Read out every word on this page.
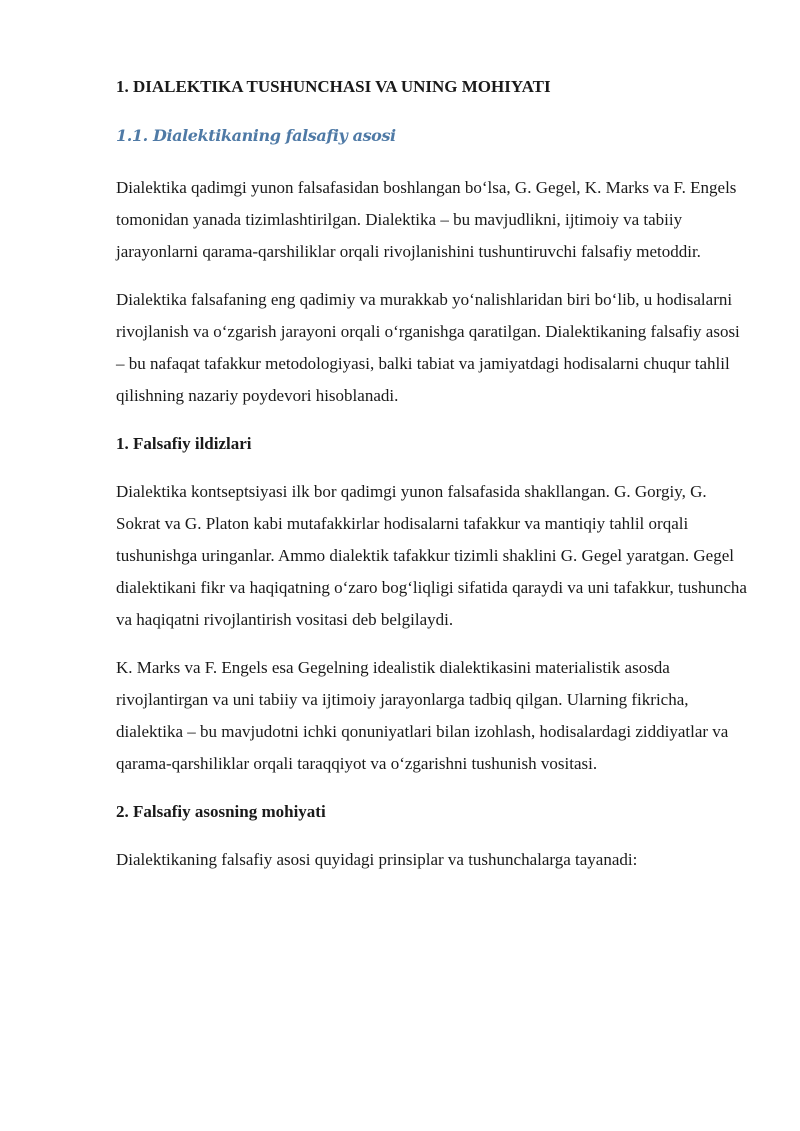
1. DIALEKTIKA TUSHUNCHASI VA UNING MOHIYATI
1.1. Dialektikaning falsafiy asosi
Dialektika qadimgi yunon falsafasidan boshlangan bo‘lsa, G. Gegel, K. Marks va F. Engels tomonidan yanada tizimlashtirilgan. Dialektika – bu mavjudlikni, ijtimoiy va tabiiy jarayonlarni qarama-qarshiliklar orqali rivojlanishini tushuntiruvchi falsafiy metoddir.
Dialektika falsafaning eng qadimiy va murakkab yo‘nalishlaridan biri bo‘lib, u hodisalarni rivojlanish va o‘zgarish jarayoni orqali o‘rganishga qaratilgan. Dialektikaning falsafiy asosi – bu nafaqat tafakkur metodologiyasi, balki tabiat va jamiyatdagi hodisalarni chuqur tahlil qilishning nazariy poydevori hisoblanadi.
1. Falsafiy ildizlari
Dialektika kontseptsiyasi ilk bor qadimgi yunon falsafasida shakllangan. G. Gorgiy, G. Sokrat va G. Platon kabi mutafakkirlar hodisalarni tafakkur va mantiqiy tahlil orqali tushunishga uringanlar. Ammo dialektik tafakkur tizimli shaklini G. Gegel yaratgan. Gegel dialektikani fikr va haqiqatning o‘zaro bog‘liqligi sifatida qaraydi va uni tafakkur, tushuncha va haqiqatni rivojlantirish vositasi deb belgilaydi.
K. Marks va F. Engels esa Gegelning idealistik dialektikasini materialistik asosda rivojlantirgan va uni tabiiy va ijtimoiy jarayonlarga tadbiq qilgan. Ularning fikricha, dialektika – bu mavjudotni ichki qonuniyatlari bilan izohlash, hodisalardagi ziddiyatlar va qarama-qarshiliklar orqali taraqqiyot va o‘zgarishni tushunish vositasi.
2. Falsafiy asosning mohiyati
Dialektikaning falsafiy asosi quyidagi prinsiplar va tushunchalarga tayanadi:
